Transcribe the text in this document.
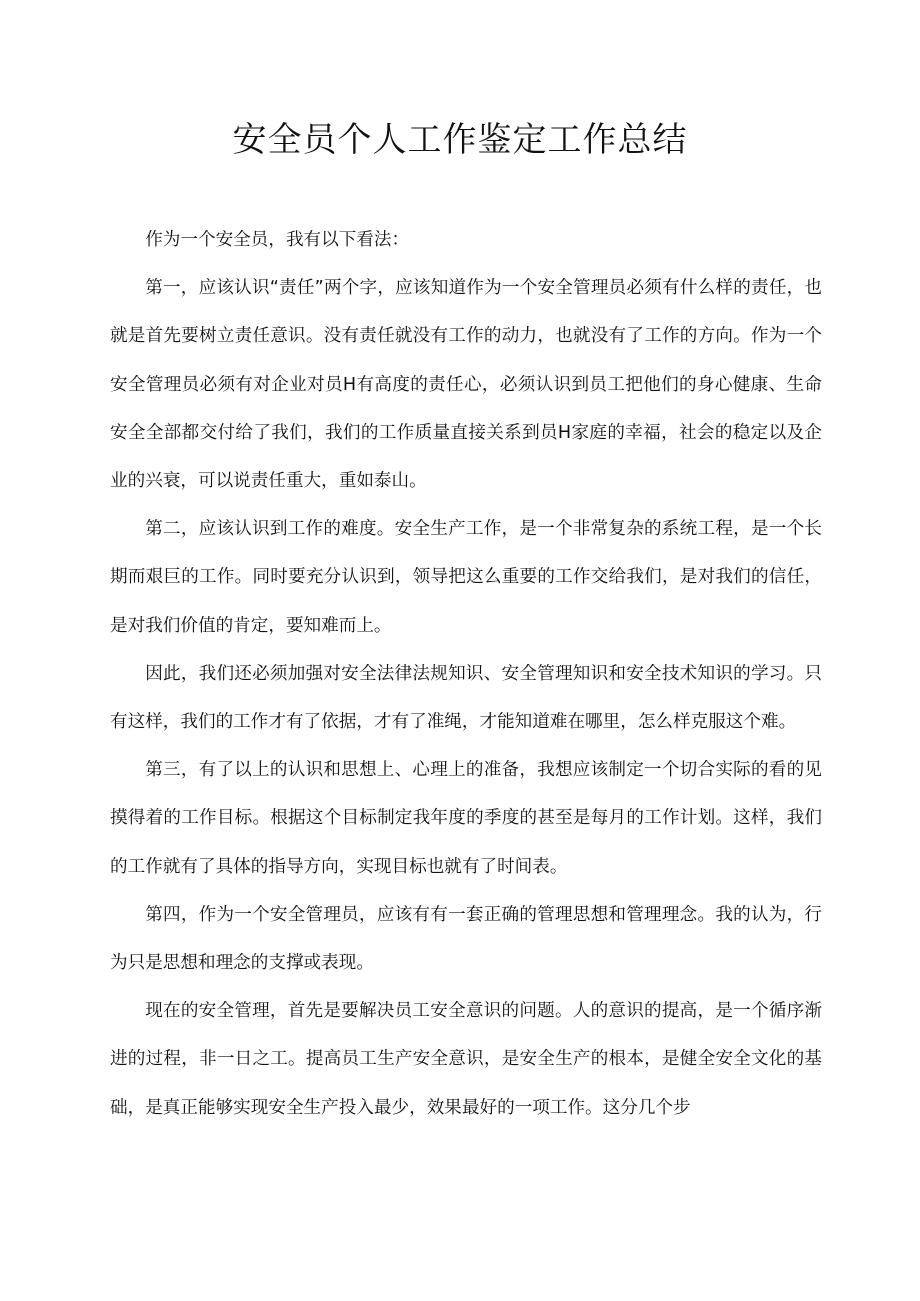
安全员个人工作鉴定工作总结

作为一个安全员，我有以下看法：

第一，应该认识“责任”两个字，应该知道作为一个安全管理员必须有什么样的责任，也就是首先要树立责任意识。没有责任就没有工作的动力，也就没有了工作的方向。作为一个安全管理员必须有对企业对员H有高度的责任心，必须认识到员工把他们的身心健康、生命安全全部都交付给了我们，我们的工作质量直接关系到员H家庭的幸福，社会的稳定以及企业的兴衰，可以说责任重大，重如泰山。

第二，应该认识到工作的难度。安全生产工作，是一个非常复杂的系统工程，是一个长期而艰巨的工作。同时要充分认识到，领导把这么重要的工作交给我们，是对我们的信任，是对我们价值的肯定，要知难而上。

因此，我们还必须加强对安全法律法规知识、安全管理知识和安全技术知识的学习。只有这样，我们的工作才有了依据，才有了准绳，才能知道难在哪里，怎么样克服这个难。

第三，有了以上的认识和思想上、心理上的准备，我想应该制定一个切合实际的看的见摸得着的工作目标。根据这个目标制定我年度的季度的甚至是每月的工作计划。这样，我们的工作就有了具体的指导方向，实现目标也就有了时间表。

第四，作为一个安全管理员，应该有有一套正确的管理思想和管理理念。我的认为，行为只是思想和理念的支撑或表现。

现在的安全管理，首先是要解决员工安全意识的问题。人的意识的提高，是一个循序渐进的过程，非一日之工。提高员工生产安全意识，是安全生产的根本，是健全安全文化的基础，是真正能够实现安全生产投入最少，效果最好的一项工作。这分几个步
